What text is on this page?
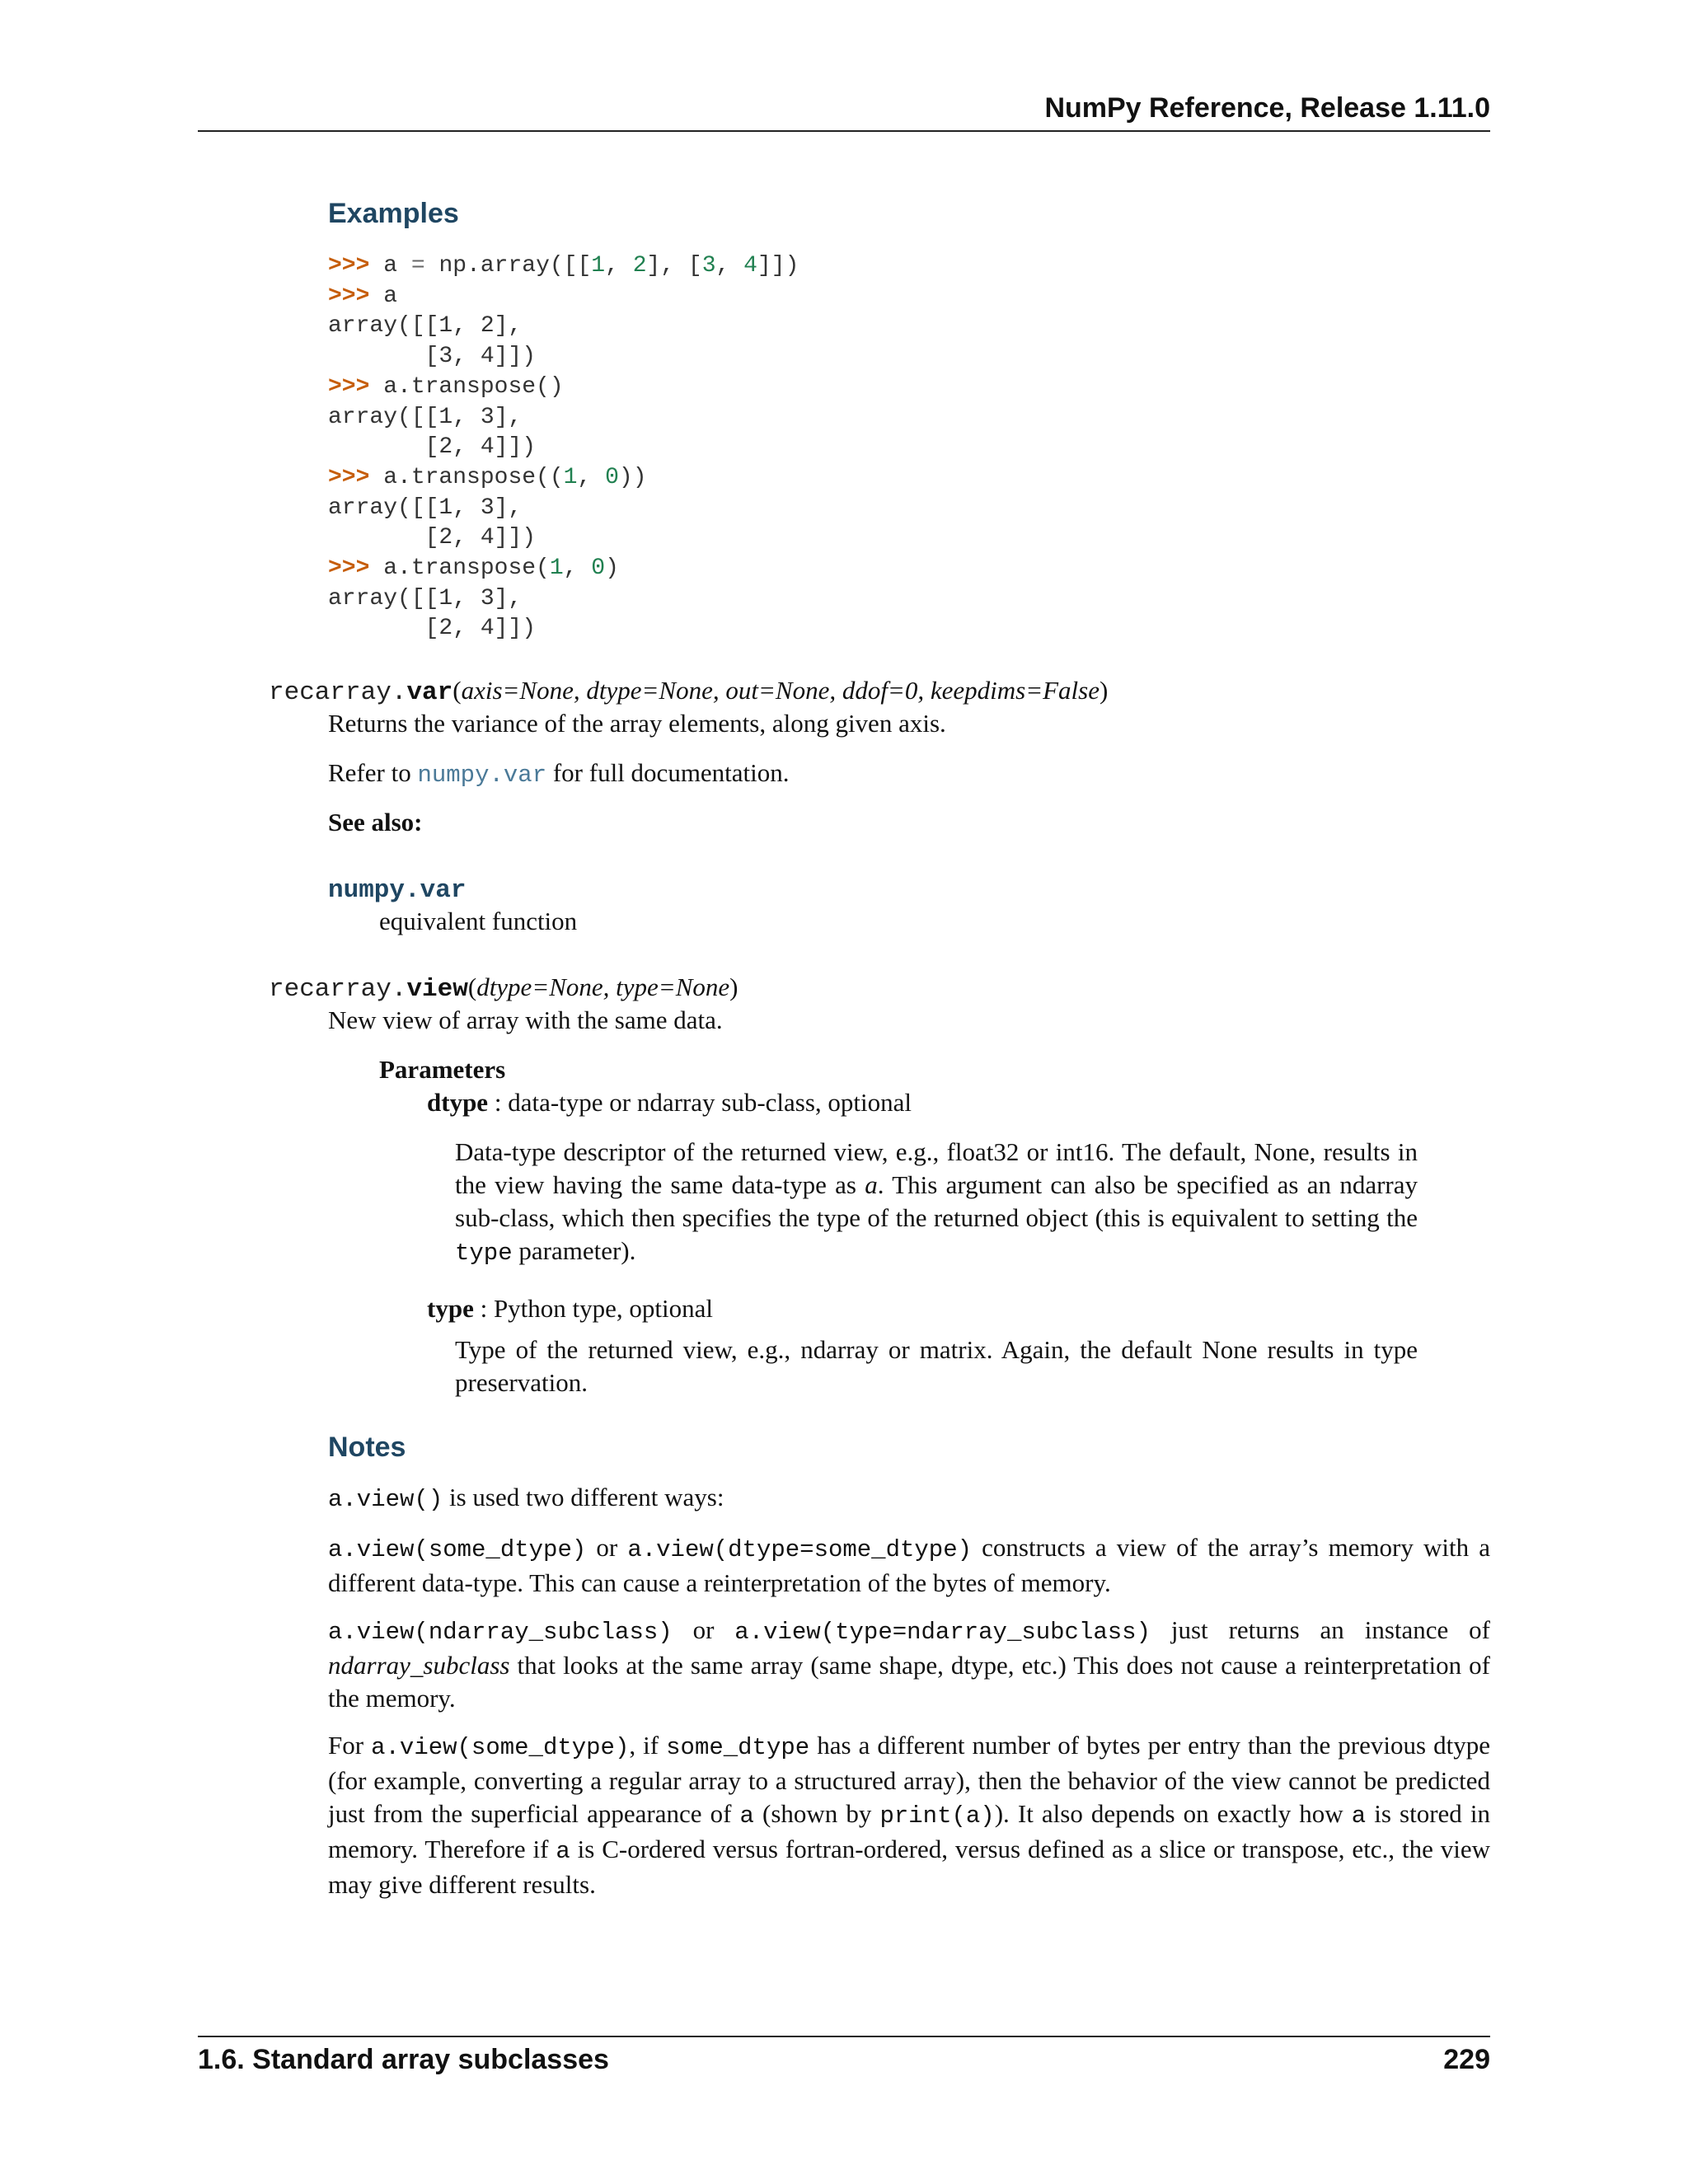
NumPy Reference, Release 1.11.0
Examples
>>> a = np.array([[1, 2], [3, 4]])
>>> a
array([[1, 2],
[3, 4]])
>>> a.transpose()
array([[1, 3],
[2, 4]])
>>> a.transpose((1, 0))
array([[1, 3],
[2, 4]])
>>> a.transpose(1, 0)
array([[1, 3],
[2, 4]])
recarray.var(axis=None, dtype=None, out=None, ddof=0, keepdims=False)
Returns the variance of the array elements, along given axis.
Refer to numpy.var for full documentation.
See also:
numpy.var
equivalent function
recarray.view(dtype=None, type=None)
New view of array with the same data.
Parameters
dtype : data-type or ndarray sub-class, optional
Data-type descriptor of the returned view, e.g., float32 or int16. The default, None, results in the view having the same data-type as a. This argument can also be specified as an ndarray sub-class, which then specifies the type of the returned object (this is equivalent to setting the type parameter).
type : Python type, optional
Type of the returned view, e.g., ndarray or matrix. Again, the default None results in type preservation.
Notes
a.view() is used two different ways:
a.view(some_dtype) or a.view(dtype=some_dtype) constructs a view of the array’s memory with a different data-type. This can cause a reinterpretation of the bytes of memory.
a.view(ndarray_subclass) or a.view(type=ndarray_subclass) just returns an instance of ndarray_subclass that looks at the same array (same shape, dtype, etc.) This does not cause a reinterpretation of the memory.
For a.view(some_dtype), if some_dtype has a different number of bytes per entry than the previous dtype (for example, converting a regular array to a structured array), then the behavior of the view cannot be predicted just from the superficial appearance of a (shown by print(a)). It also depends on exactly how a is stored in memory. Therefore if a is C-ordered versus fortran-ordered, versus defined as a slice or transpose, etc., the view may give different results.
1.6. Standard array subclasses	229
